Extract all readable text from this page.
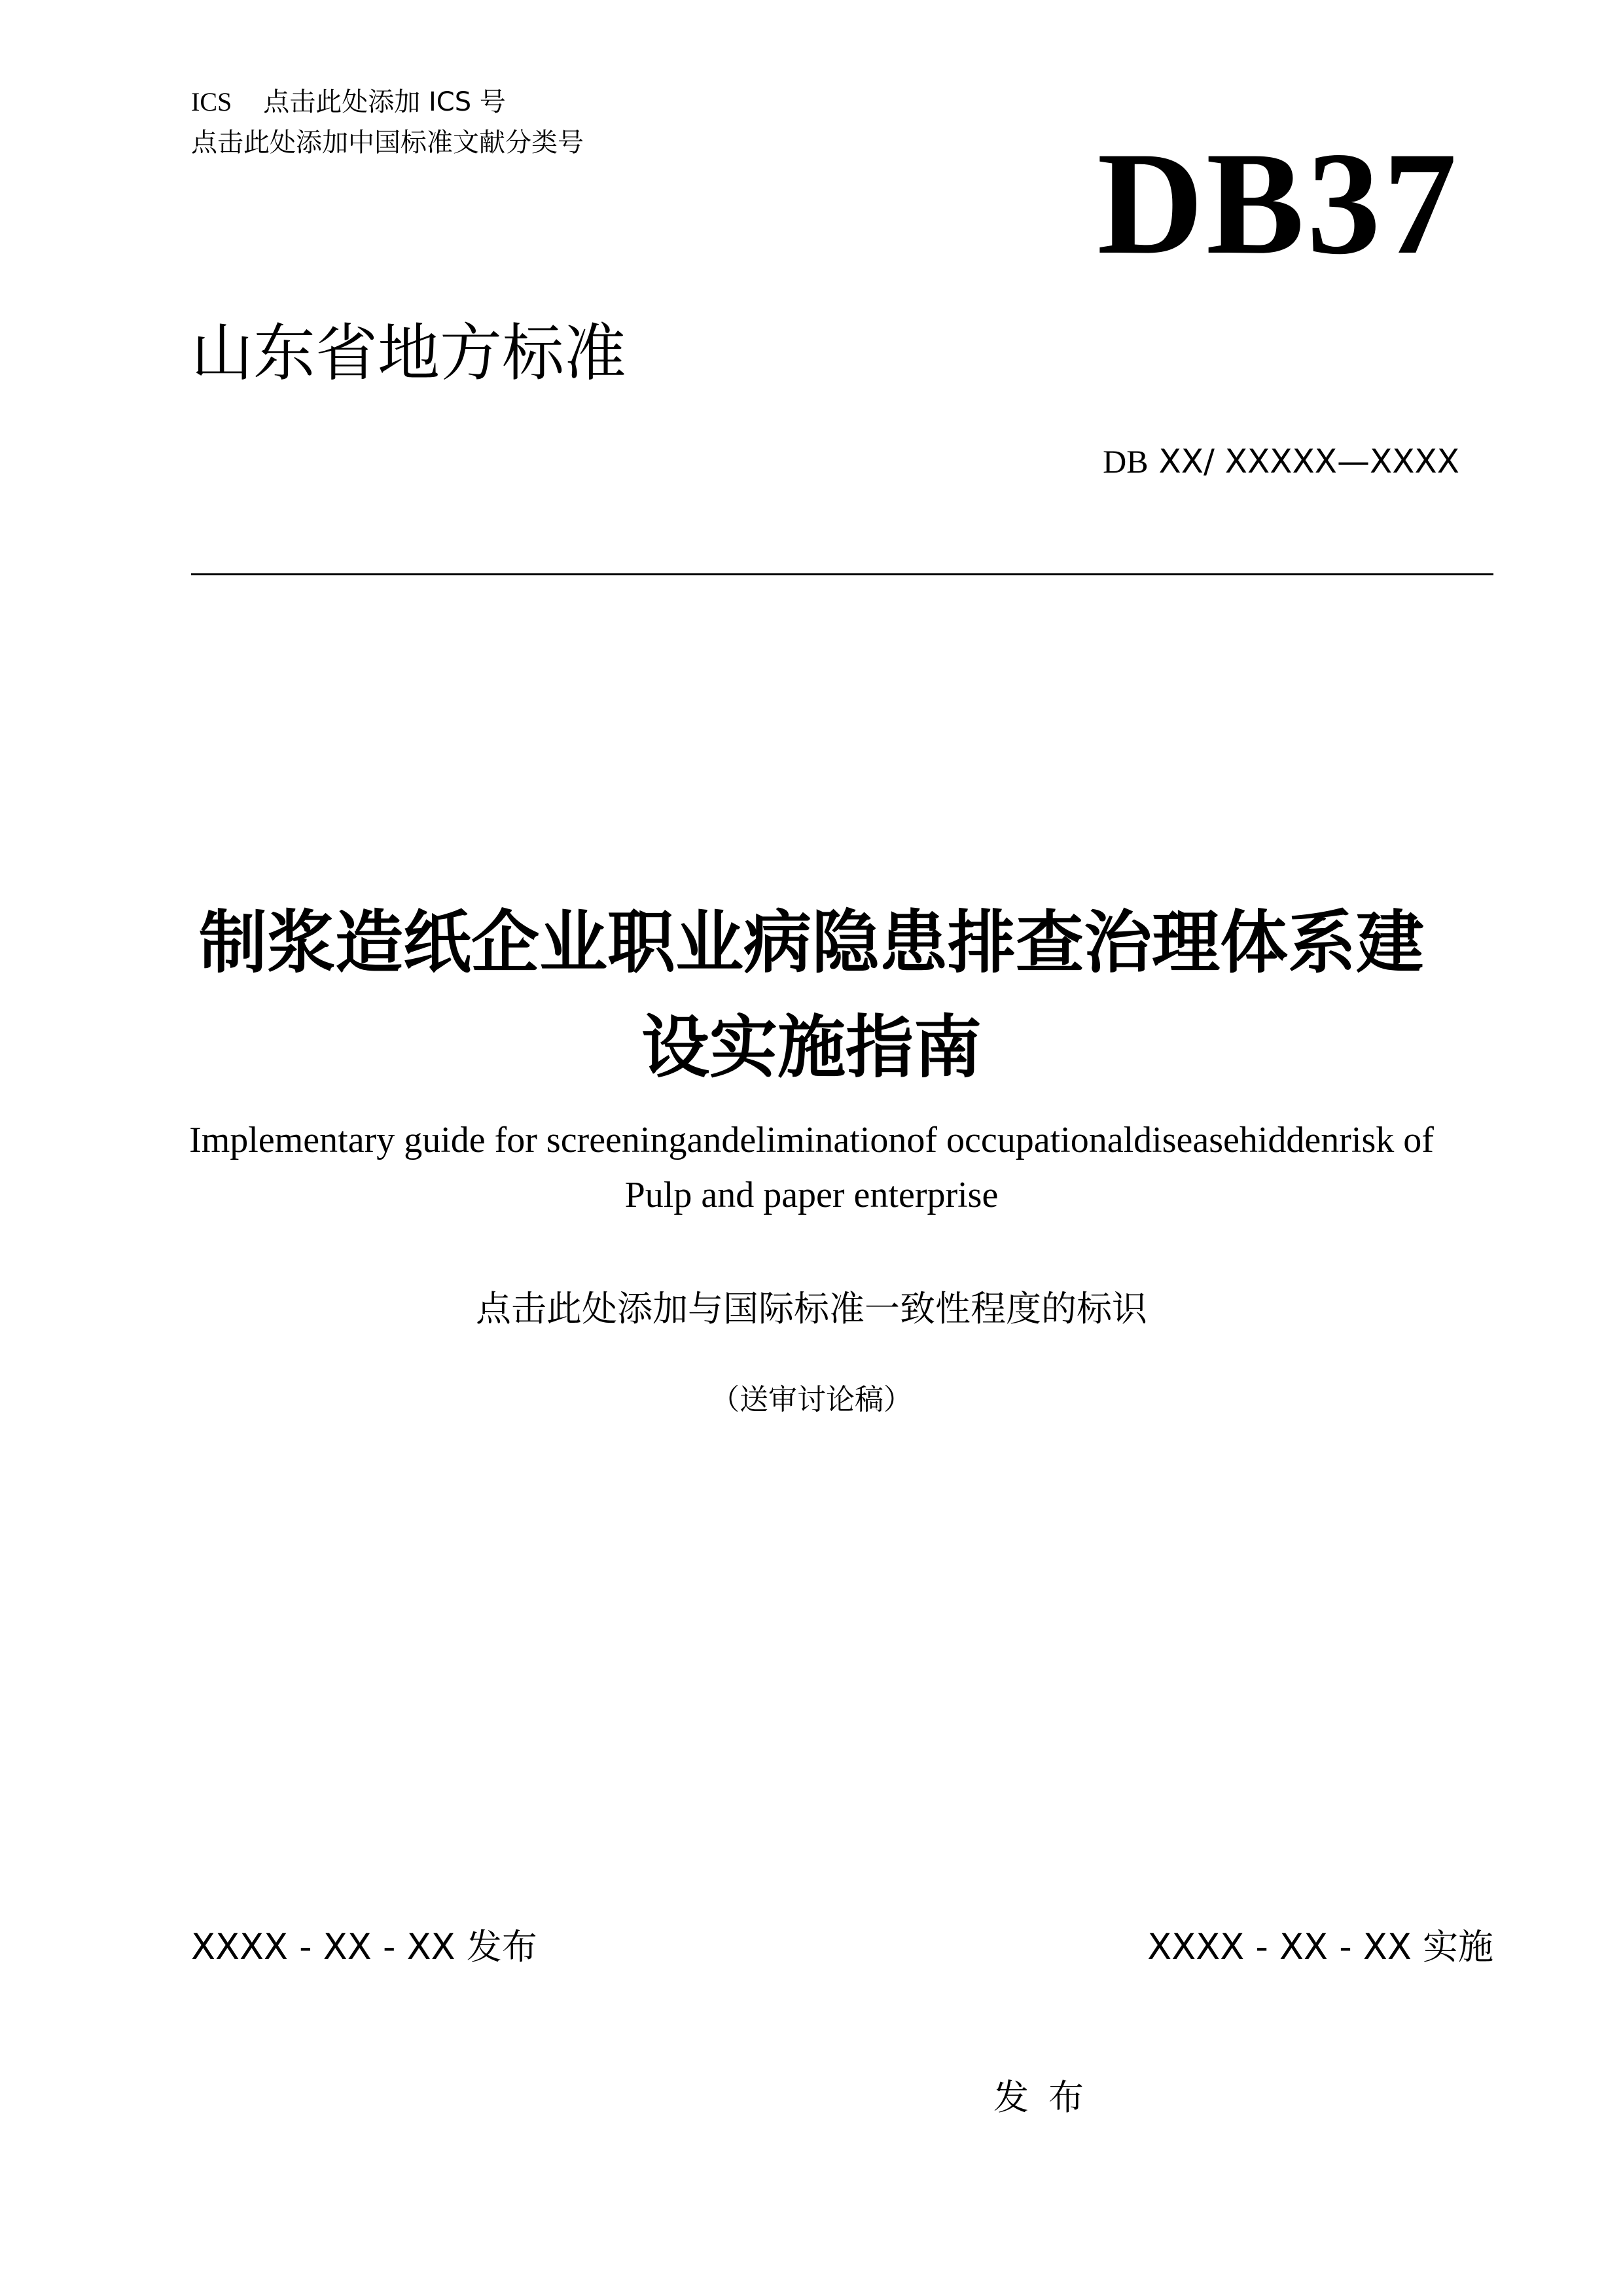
ICS 点击此处添加 ICS 号
点击此处添加中国标准文献分类号	DB37
山东省地方标准
DB XX/ XXXXX—XXXX
制浆造纸企业职业病隐患排查治理体系建
设实施指南
Implementary guide for screeningandeliminationof occupationaldiseasehiddenrisk of
Pulp and paper enterprise
点击此处添加与国际标准一致性程度的标识
（送审讨论稿）
XXXX - XX - XX 发布	XXXX - XX - XX 实施
发布
